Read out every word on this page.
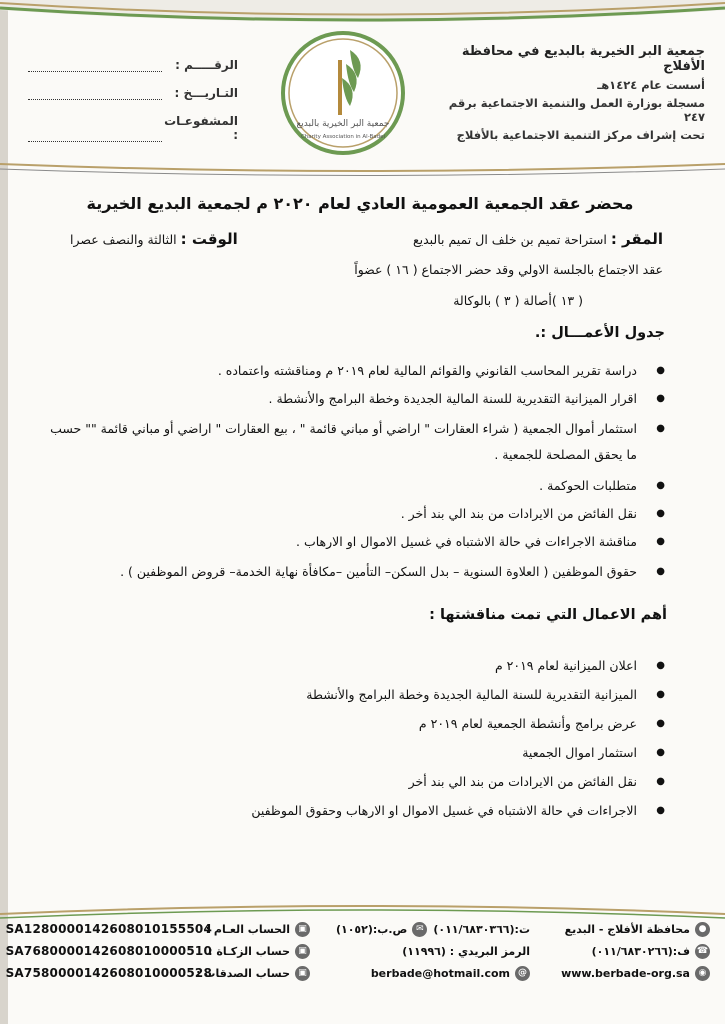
جمعية البر الخيرية بالبديع في محافظة الأفلاج
أسست عام ١٤٢٤هـ
مسجلة بوزارة العمل والتنمية الاجتماعية برقم ٢٤٧
تحت إشراف مركز التنمية الاجتماعية بالأفلاج
جمعية البر الخيرية بالبديع
Charity Association in Al-Badei
الرقـــــم :
التـاريـــخ :
المشفوعـات :
محضر عقد الجمعية العمومية العادي لعام ٢٠٢٠ م لجمعية البديع الخيرية
المقر : استراحة تميم بن خلف ال تميم بالبديع
الوقت : الثالثة والنصف عصرا
عقد الاجتماع بالجلسة الاولي وقد حضر الاجتماع ( ١٦ ) عضواً
( ١٣ )أصالة ( ٣ ) بالوكالة
جدول الأعمـــال :.
● دراسة تقرير المحاسب القانوني والقوائم المالية لعام ٢٠١٩ م ومناقشته واعتماده .
● اقرار الميزانية التقديرية للسنة المالية الجديدة وخطة البرامج والأنشطة .
● استثمار أموال الجمعية ( شراء العقارات " اراضي أو مباني قائمة " ، بيع العقارات " اراضي أو مباني قائمة "" حسب ما يحقق المصلحة للجمعية .
● متطلبات الحوكمة .
● نقل الفائض من الايرادات من بند الي بند أخر .
● مناقشة الاجراءات في حالة الاشتباه في غسيل الاموال او الارهاب .
● حقوق الموظفين ( العلاوة السنوية – بدل السكن– التأمين –مكافأة نهاية الخدمة– قروض الموظفين ) .
أهم الاعمال التي تمت مناقشتها :
● اعلان الميزانية لعام ٢٠١٩ م
● الميزانية التقديرية للسنة المالية الجديدة وخطة البرامج والأنشطة
● عرض برامج وأنشطة الجمعية لعام ٢٠١٩ م
● استثمار اموال الجمعية
● نقل الفائض من الايرادات من بند الي بند أخر
● الاجراءات في حالة الاشتباه في غسيل الاموال او الارهاب وحقوق الموظفين
●
محافظة الأفلاج - البديع
☎
ف:(٠١١/٦٨٣٠٢٦٦)
◉
www.berbade-org.sa
ت:(٠١١/٦٨٣٠٣٦٦)
✉
ص.ب:(١٠٥٢)
الرمز البريدي : (١١٩٩٦)
@
berbade@hotmail.com
▣
الحساب العـام :
SA1280000142608010155504
▣
حساب الزكـاة :
SA7680000142608010000510
▣
حساب الصدقات :
SA7580000142608010000528
